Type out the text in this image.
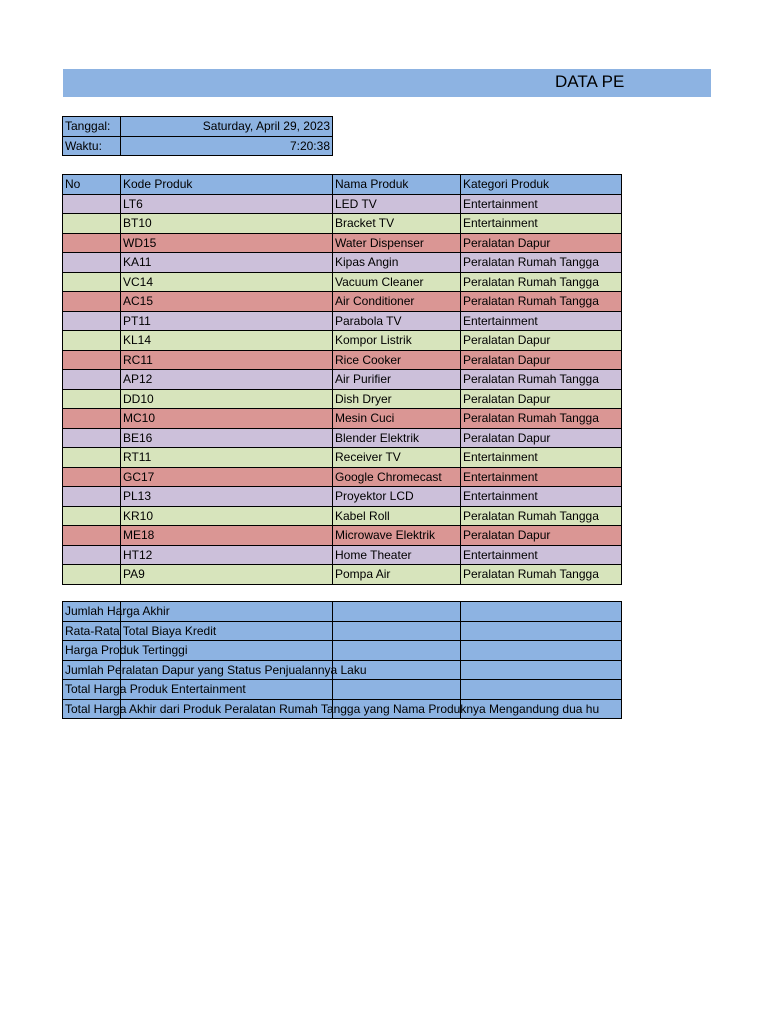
DATA PE
Tanggal:	Saturday, April 29, 2023
Waktu:	7:20:38
No	Kode Produk	Nama Produk	Kategori Produk
	LT6	LED TV	Entertainment
	BT10	Bracket TV	Entertainment
	WD15	Water Dispenser	Peralatan Dapur
	KA11	Kipas Angin	Peralatan Rumah Tangga
	VC14	Vacuum Cleaner	Peralatan Rumah Tangga
	AC15	Air Conditioner	Peralatan Rumah Tangga
	PT11	Parabola TV	Entertainment
	KL14	Kompor Listrik	Peralatan Dapur
	RC11	Rice Cooker	Peralatan Dapur
	AP12	Air Purifier	Peralatan Rumah Tangga
	DD10	Dish Dryer	Peralatan Dapur
	MC10	Mesin Cuci	Peralatan Rumah Tangga
	BE16	Blender Elektrik	Peralatan Dapur
	RT11	Receiver TV	Entertainment
	GC17	Google Chromecast	Entertainment
	PL13	Proyektor LCD	Entertainment
	KR10	Kabel Roll	Peralatan Rumah Tangga
	ME18	Microwave Elektrik	Peralatan Dapur
	HT12	Home Theater	Entertainment
	PA9	Pompa Air	Peralatan Rumah Tangga
Jumlah Harga Akhir			

Rata-Rata Total Biaya Kredit			

Harga Produk Tertinggi			

Jumlah Peralatan Dapur yang Status Penjualannya Laku			

Total Harga Produk Entertainment			

Total Harga Akhir dari Produk Peralatan Rumah Tangga yang Nama Produknya Mengandung dua hu			
